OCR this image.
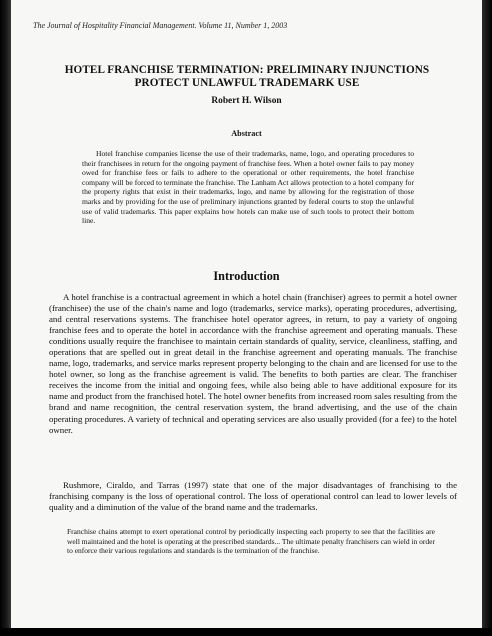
The Journal of Hospitality Financial Management. Volume 11, Number 1, 2003
HOTEL FRANCHISE TERMINATION: PRELIMINARY INJUNCTIONS
PROTECT UNLAWFUL TRADEMARK USE
Robert H. Wilson
Abstract
Hotel franchise companies license the use of their trademarks, name, logo, and operating procedures to their franchisees in return for the ongoing payment of franchise fees. When a hotel owner fails to pay money owed for franchise fees or fails to adhere to the operational or other requirements, the hotel franchise company will be forced to terminate the franchise. The Lanham Act allows protection to a hotel company for the property rights that exist in their trademarks, logo, and name by allowing for the registration of those marks and by providing for the use of preliminary injunctions granted by federal courts to stop the unlawful use of valid trademarks. This paper explains how hotels can make use of such tools to protect their bottom line.
Introduction

A hotel franchise is a contractual agreement in which a hotel chain (franchiser) agrees to permit a hotel owner (franchisee) the use of the chain's name and logo (trademarks, service marks), operating procedures, advertising, and central reservations systems. The franchisee hotel operator agrees, in return, to pay a variety of ongoing franchise fees and to operate the hotel in accordance with the franchise agreement and operating manuals. These conditions usually require the franchisee to maintain certain standards of quality, service, cleanliness, staffing, and operations that are spelled out in great detail in the franchise agreement and operating manuals. The franchise name, logo, trademarks, and service marks represent property belonging to the chain and are licensed for use to the hotel owner, so long as the franchise agreement is valid. The benefits to both parties are clear. The franchiser receives the income from the initial and ongoing fees, while also being able to have additional exposure for its name and product from the franchised hotel. The hotel owner benefits from increased room sales resulting from the brand and name recognition, the central reservation system, the brand advertising, and the use of the chain operating procedures. A variety of technical and operating services are also usually provided (for a fee) to the hotel owner.

Rushmore, Ciraldo, and Tarras (1997) state that one of the major disadvantages of franchising to the franchising company is the loss of operational control. The loss of operational control can lead to lower levels of quality and a diminution of the value of the brand name and the trademarks.

Franchise chains attempt to exert operational control by periodically inspecting each property to see that the facilities are well maintained and the hotel is operating at the prescribed standards... The ultimate penalty franchisers can wield in order to enforce their various regulations and standards is the termination of the franchise.
